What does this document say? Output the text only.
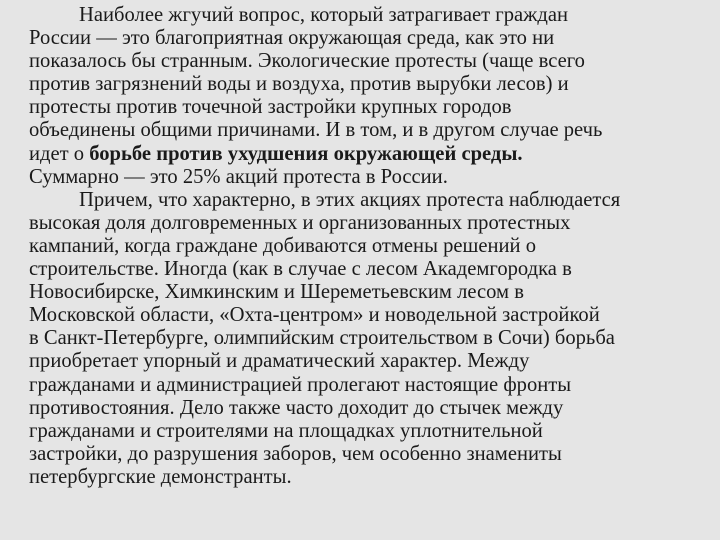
Наиболее жгучий вопрос, который затрагивает граждан
России — это благоприятная окружающая среда, как это ни
показалось бы странным. Экологические протесты (чаще всего
против загрязнений воды и воздуха, против вырубки лесов) и
протесты против точечной застройки крупных городов
объединены общими причинами. И в том, и в другом случае речь
идет о борьбе против ухудшения окружающей среды.
Суммарно — это 25% акций протеста в России.

Причем, что характерно, в этих акциях протеста наблюдается
высокая доля долговременных и организованных протестных
кампаний, когда граждане добиваются отмены решений о
строительстве. Иногда (как в случае с лесом Академгородка в
Новосибирске, Химкинским и Шереметьевским лесом в
Московской области, «Охта-центром» и новодельной застройкой
в Санкт-Петербурге, олимпийским строительством в Сочи) борьба
приобретает упорный и драматический характер. Между
гражданами и администрацией пролегают настоящие фронты
противостояния. Дело также часто доходит до стычек между
гражданами и строителями на площадках уплотнительной
застройки, до разрушения заборов, чем особенно знамениты
петербургские демонстранты.
